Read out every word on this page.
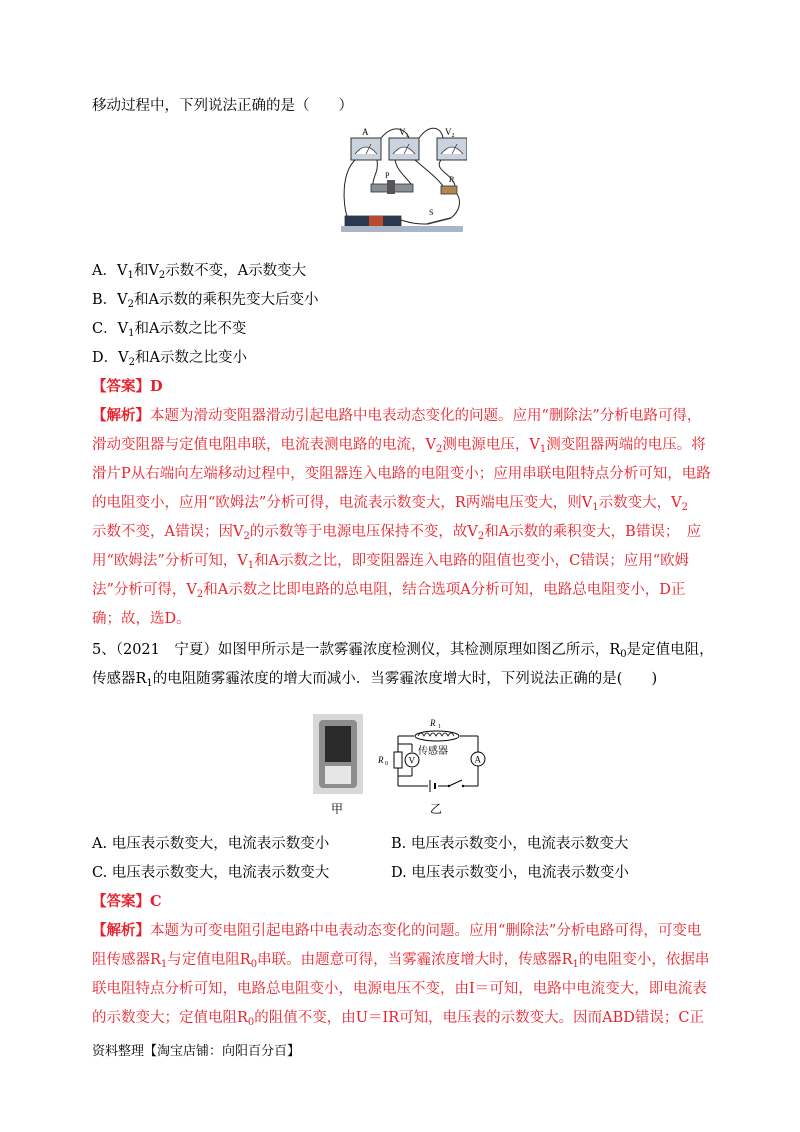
移动过程中，下列说法正确的是（　　）
A	$V_1$	$V_2$
P	R
S
A．$V_1$和$V_2$示数不变，A示数变大
B．$V_2$和A示数的乘积先变大后变小
C．$V_1$和A示数之比不变
D．$V_2$和A示数之比变小
【答案】D
【解析】本题为滑动变阻器滑动引起电路中电表动态变化的问题。应用“删除法”分析电路可得，
滑动变阻器与定值电阻串联，电流表测电路的电流，$V_2$测电源电压，$V_1$测变阻器两端的电压。将
滑片P从右端向左端移动过程中，变阻器连入电路的电阻变小；应用串联电阻特点分析可知，电路
的电阻变小，应用“欧姆法”分析可得，电流表示数变大，R两端电压变大，则$V_1$示数变大，$V_2$
示数不变，A错误；因$V_2$的示数等于电源电压保持不变，故$V_2$和A示数的乘积变大，B错误；　应
用“欧姆法”分析可知，$V_1$和A示数之比，即变阻器连入电路的阻值也变小，C错误；应用“欧姆
法”分析可得，$V_2$和A示数之比即电路的总电阻，结合选项A分析可知，电路总电阻变小，D正
确；故，选D。
5、（2021　宁夏）如图甲所示是一款雾霾浓度检测仪，其检测原理如图乙所示，$R_0$是定值电阻，
传感器$R_1$的电阻随雾霾浓度的增大而减小．当雾霾浓度增大时，下列说法正确的是(　　)
甲
R 1
传感器
R 0 V	A
乙
A. 电压表示数变大，电流表示数变小	B. 电压表示数变小，电流表示数变大
C. 电压表示数变大，电流表示数变大	D. 电压表示数变小，电流表示数变小
【答案】C
【解析】本题为可变电阻引起电路中电表动态变化的问题。应用“删除法”分析电路可得，可变电
阻传感器$R_1$与定值电阻$R_0$串联。由题意可得，当雾霾浓度增大时，传感器$R_1$的电阻变小，依据串
联电阻特点分析可知，电路总电阻变小，电源电压不变，由I＝可知，电路中电流变大，即电流表
的示数变大；定值电阻$R_0$的阻值不变，由U＝IR可知，电压表的示数变大。因而ABD错误；C正
资料整理【淘宝店铺：向阳百分百】
